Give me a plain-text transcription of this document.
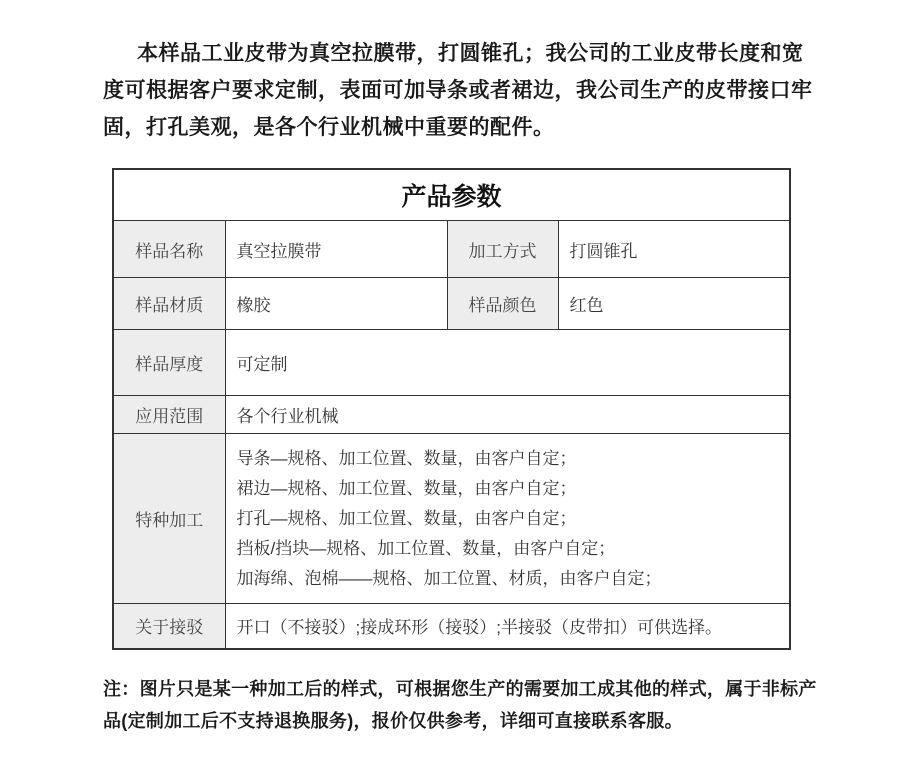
本样品工业皮带为真空拉膜带，打圆锥孔；我公司的工业皮带长度和宽度可根据客户要求定制，表面可加导条或者裙边，我公司生产的皮带接口牢固，打孔美观，是各个行业机械中重要的配件。
产品参数			
样品名称	真空拉膜带	加工方式	打圆锥孔
样品材质	橡胶	样品颜色	红色
样品厚度	可定制		
应用范围	各个行业机械		
特种加工	导条—规格、加工位置、数量，由客户自定；
裙边—规格、加工位置、数量，由客户自定；
打孔—规格、加工位置、数量，由客户自定；
挡板/挡块—规格、加工位置、数量，由客户自定；
加海绵、泡棉——规格、加工位置、材质，由客户自定；		

关于接驳	开口（不接驳）;接成环形（接驳）;半接驳（皮带扣）可供选择。		
注：图片只是某一种加工后的样式，可根据您生产的需要加工成其他的样式，属于非标产品(定制加工后不支持退换服务)，报价仅供参考，详细可直接联系客服。
